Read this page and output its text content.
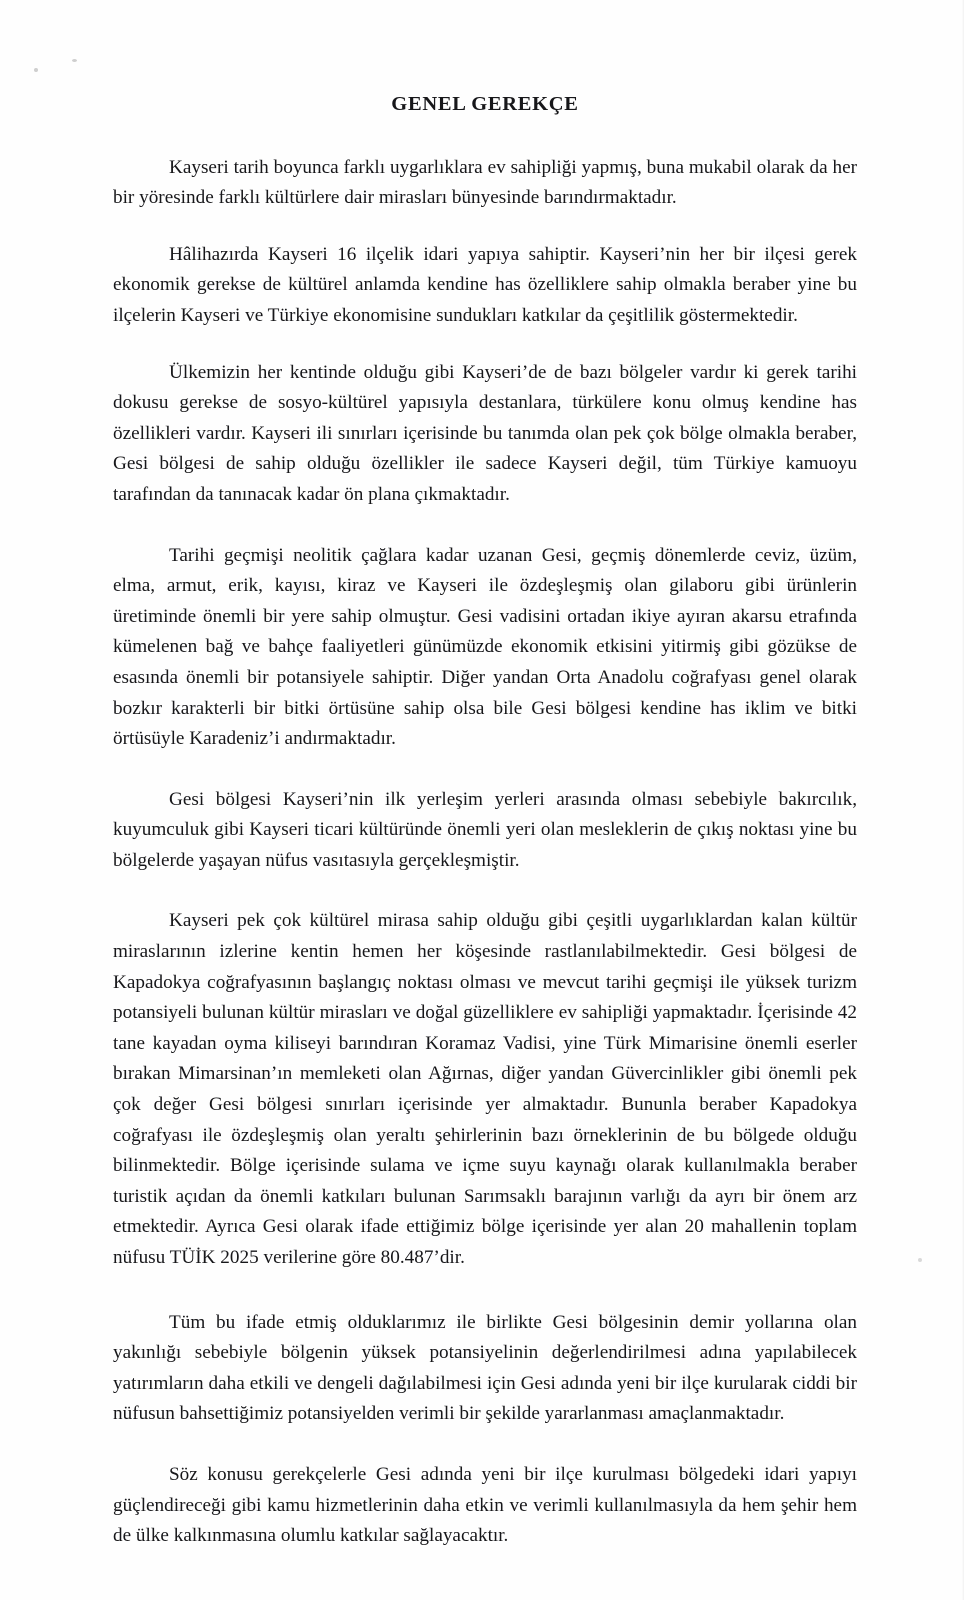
GENEL GEREKÇE

Kayseri tarih boyunca farklı uygarlıklara ev sahipliği yapmış, buna mukabil olarak da her bir yöresinde farklı kültürlere dair mirasları bünyesinde barındırmaktadır.

Hâlihazırda Kayseri 16 ilçelik idari yapıya sahiptir. Kayseri’nin her bir ilçesi gerek ekonomik gerekse de kültürel anlamda kendine has özelliklere sahip olmakla beraber yine bu ilçelerin Kayseri ve Türkiye ekonomisine sundukları katkılar da çeşitlilik göstermektedir.

Ülkemizin her kentinde olduğu gibi Kayseri’de de bazı bölgeler vardır ki gerek tarihi dokusu gerekse de sosyo-kültürel yapısıyla destanlara, türkülere konu olmuş kendine has özellikleri vardır. Kayseri ili sınırları içerisinde bu tanımda olan pek çok bölge olmakla beraber, Gesi bölgesi de sahip olduğu özellikler ile sadece Kayseri değil, tüm Türkiye kamuoyu tarafından da tanınacak kadar ön plana çıkmaktadır.

Tarihi geçmişi neolitik çağlara kadar uzanan Gesi, geçmiş dönemlerde ceviz, üzüm, elma, armut, erik, kayısı, kiraz ve Kayseri ile özdeşleşmiş olan gilaboru gibi ürünlerin üretiminde önemli bir yere sahip olmuştur. Gesi vadisini ortadan ikiye ayıran akarsu etrafında kümelenen bağ ve bahçe faaliyetleri günümüzde ekonomik etkisini yitirmiş gibi gözükse de esasında önemli bir potansiyele sahiptir. Diğer yandan Orta Anadolu coğrafyası genel olarak bozkır karakterli bir bitki örtüsüne sahip olsa bile Gesi bölgesi kendine has iklim ve bitki örtüsüyle Karadeniz’i andırmaktadır.

Gesi bölgesi Kayseri’nin ilk yerleşim yerleri arasında olması sebebiyle bakırcılık, kuyumculuk gibi Kayseri ticari kültüründe önemli yeri olan mesleklerin de çıkış noktası yine bu bölgelerde yaşayan nüfus vasıtasıyla gerçekleşmiştir.

Kayseri pek çok kültürel mirasa sahip olduğu gibi çeşitli uygarlıklardan kalan kültür miraslarının izlerine kentin hemen her köşesinde rastlanılabilmektedir. Gesi bölgesi de Kapadokya coğrafyasının başlangıç noktası olması ve mevcut tarihi geçmişi ile yüksek turizm potansiyeli bulunan kültür mirasları ve doğal güzelliklere ev sahipliği yapmaktadır. İçerisinde 42 tane kayadan oyma kiliseyi barındıran Koramaz Vadisi, yine Türk Mimarisine önemli eserler bırakan Mimarsinan’ın memleketi olan Ağırnas, diğer yandan Güvercinlikler gibi önemli pek çok değer Gesi bölgesi sınırları içerisinde yer almaktadır. Bununla beraber Kapadokya coğrafyası ile özdeşleşmiş olan yeraltı şehirlerinin bazı örneklerinin de bu bölgede olduğu bilinmektedir. Bölge içerisinde sulama ve içme suyu kaynağı olarak kullanılmakla beraber turistik açıdan da önemli katkıları bulunan Sarımsaklı barajının varlığı da ayrı bir önem arz etmektedir. Ayrıca Gesi olarak ifade ettiğimiz bölge içerisinde yer alan 20 mahallenin toplam nüfusu TÜİK 2025 verilerine göre 80.487’dir.

Tüm bu ifade etmiş olduklarımız ile birlikte Gesi bölgesinin demir yollarına olan yakınlığı sebebiyle bölgenin yüksek potansiyelinin değerlendirilmesi adına yapılabilecek yatırımların daha etkili ve dengeli dağılabilmesi için Gesi adında yeni bir ilçe kurularak ciddi bir nüfusun bahsettiğimiz potansiyelden verimli bir şekilde yararlanması amaçlanmaktadır.

Söz konusu gerekçelerle Gesi adında yeni bir ilçe kurulması bölgedeki idari yapıyı güçlendireceği gibi kamu hizmetlerinin daha etkin ve verimli kullanılmasıyla da hem şehir hem de ülke kalkınmasına olumlu katkılar sağlayacaktır.
